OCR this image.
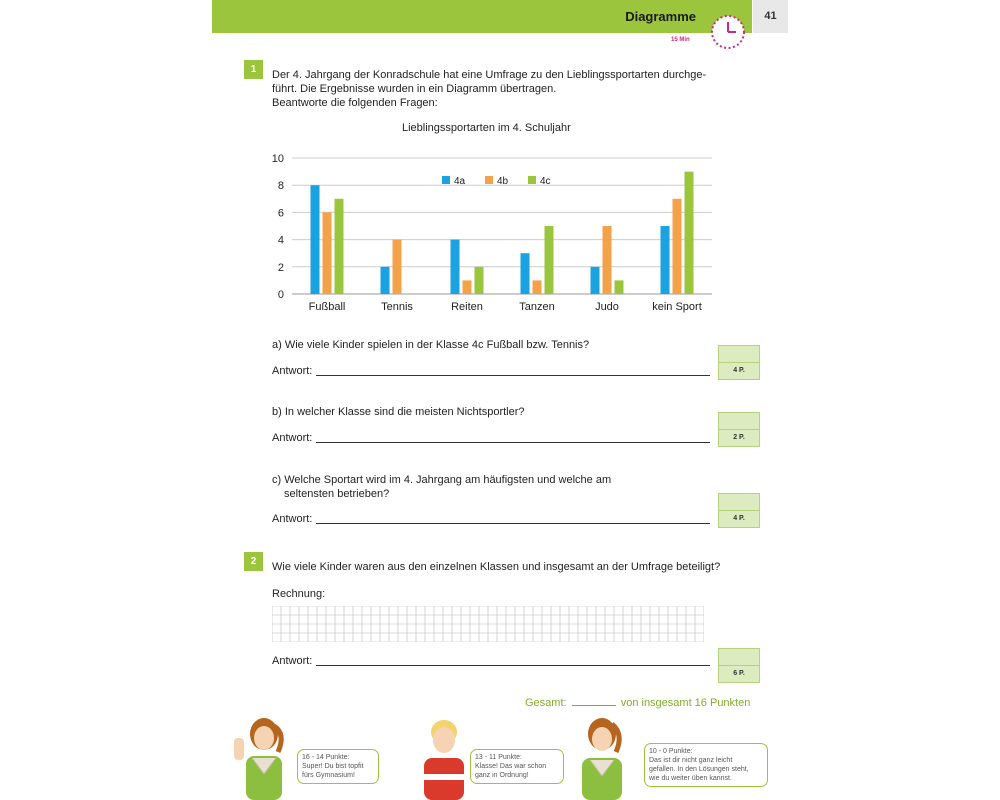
Diagramme	41
15 Min
1	Der 4. Jahrgang der Konradschule hat eine Umfrage zu den Lieblingssportarten durchge-
führt. Die Ergebnisse wurden in ein Diagramm übertragen.
Beantworte die folgenden Fragen:
Lieblingssportarten im 4. Schuljahr
0
2
4
6
8
10
Fußball	Tennis	Reiten	Tanzen	Judo	kein Sport
4a	4b	4c
a) Wie viele Kinder spielen in der Klasse 4c Fußball bzw. Tennis?
Antwort:	4 P.
b) In welcher Klasse sind die meisten Nichtsportler?
Antwort:	2 P.
c) Welche Sportart wird im 4. Jahrgang am häufigsten und welche am
seltensten betrieben?
Antwort:	4 P.
2	Wie viele Kinder waren aus den einzelnen Klassen und insgesamt an der Umfrage beteiligt?
Rechnung:
Antwort:
6 P.
Gesamt:	von insgesamt 16 Punkten
16 - 14 Punkte:
Super! Du bist topfit
fürs Gymnasium!
13 - 11 Punkte:
Klasse! Das war schon
ganz in Ordnung!
10 - 0 Punkte:
Das ist dir nicht ganz leicht
gefallen. In den Lösungen steht,
wie du weiter üben kannst.
